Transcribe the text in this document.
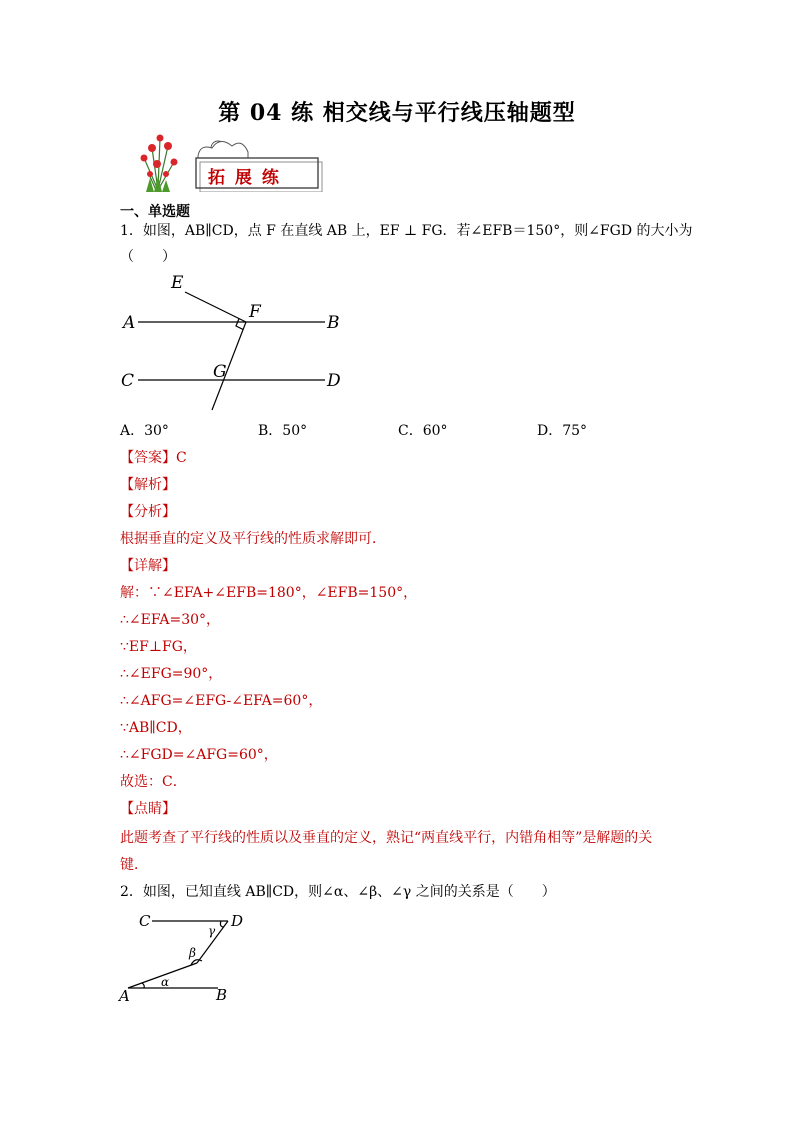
第 04 练 相交线与平行线压轴题型
拓 展 练
一、单选题
1．如图，AB∥CD，点 F 在直线 AB 上，EF ⊥ FG．若∠EFB＝150°，则∠FGD 的大小为
（　　）
E
F
A	B
C	G	D
A．30°	B．50°	C．60°	D．75°
【答案】C
【解析】
【分析】
根据垂直的定义及平行线的性质求解即可．
【详解】
解：∵∠EFA+∠EFB=180°，∠EFB=150°，
∴∠EFA=30°，
∵EF⊥FG，
∴∠EFG=90°，
∴∠AFG=∠EFG-∠EFA=60°，
∵AB∥CD，
∴∠FGD=∠AFG=60°，
故选：C．
【点睛】
此题考查了平行线的性质以及垂直的定义，熟记“两直线平行，内错角相等”是解题的关
键．
2．如图，已知直线 AB∥CD，则∠α、∠β、∠γ 之间的关系是（　　）
C	D
γ
β
α
A	B
